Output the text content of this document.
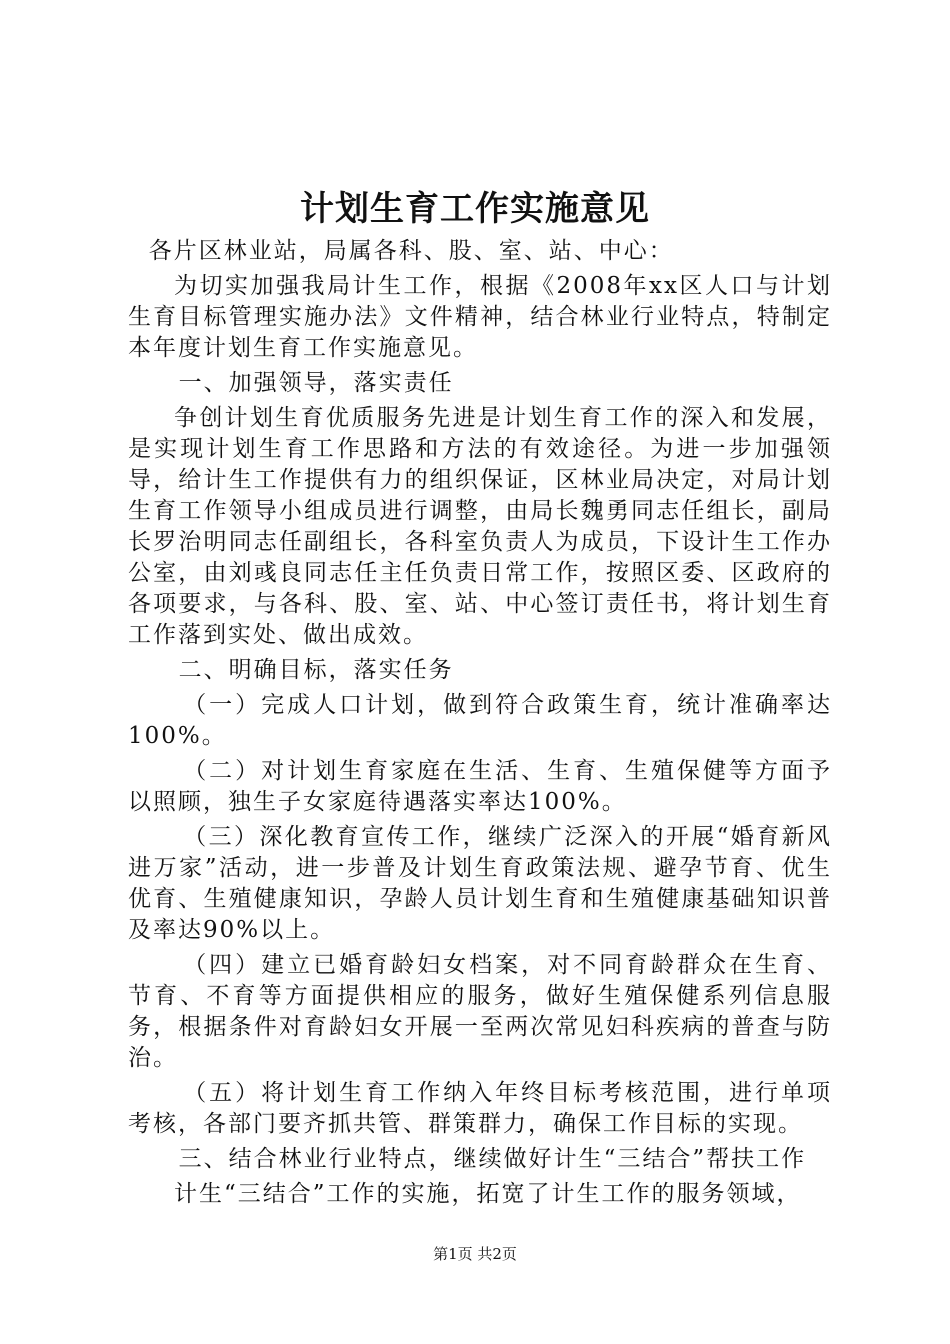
计划生育工作实施意见

各片区林业站，局属各科、股、室、站、中心：

为切实加强我局计生工作，根据《2008年xx区人口与计划生育目标管理实施办法》文件精神，结合林业行业特点，特制定本年度计划生育工作实施意见。

一、加强领导，落实责任

争创计划生育优质服务先进是计划生育工作的深入和发展，是实现计划生育工作思路和方法的有效途径。为进一步加强领导，给计生工作提供有力的组织保证，区林业局决定，对局计划生育工作领导小组成员进行调整，由局长魏勇同志任组长，副局长罗治明同志任副组长，各科室负责人为成员，下设计生工作办公室，由刘彧良同志任主任负责日常工作，按照区委、区政府的各项要求，与各科、股、室、站、中心签订责任书，将计划生育工作落到实处、做出成效。

二、明确目标，落实任务

（一）完成人口计划，做到符合政策生育，统计准确率达100%。

（二）对计划生育家庭在生活、生育、生殖保健等方面予以照顾，独生子女家庭待遇落实率达100%。

（三）深化教育宣传工作，继续广泛深入的开展“婚育新风进万家”活动，进一步普及计划生育政策法规、避孕节育、优生优育、生殖健康知识，孕龄人员计划生育和生殖健康基础知识普及率达90%以上。

（四）建立已婚育龄妇女档案，对不同育龄群众在生育、节育、不育等方面提供相应的服务，做好生殖保健系列信息服务，根据条件对育龄妇女开展一至两次常见妇科疾病的普查与防治。

（五）将计划生育工作纳入年终目标考核范围，进行单项考核，各部门要齐抓共管、群策群力，确保工作目标的实现。

三、结合林业行业特点，继续做好计生“三结合”帮扶工作

计生“三结合”工作的实施，拓宽了计生工作的服务领域，

第1页 共2页
